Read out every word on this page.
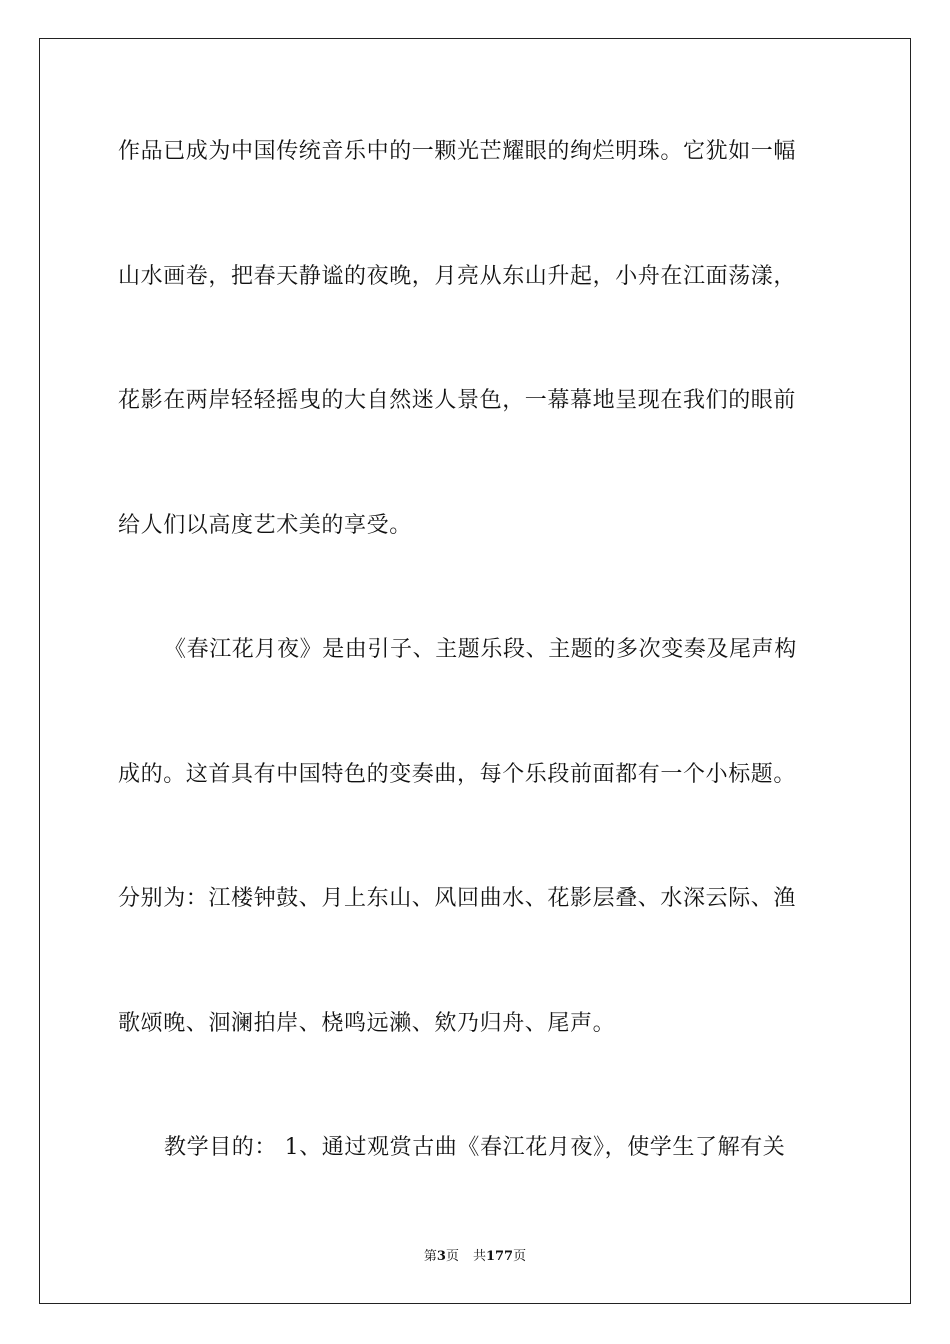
作品已成为中国传统音乐中的一颗光芒耀眼的绚烂明珠。它犹如一幅
山水画卷，把春天静谧的夜晚，月亮从东山升起，小舟在江面荡漾，
花影在两岸轻轻摇曳的大自然迷人景色，一幕幕地呈现在我们的眼前
给人们以高度艺术美的享受。
《春江花月夜》是由引子、主题乐段、主题的多次变奏及尾声构
成的。这首具有中国特色的变奏曲，每个乐段前面都有一个小标题。
分别为：江楼钟鼓、月上东山、风回曲水、花影层叠、水深云际、渔
歌颂晚、洄澜拍岸、桡鸣远濑、欸乃归舟、尾声。
教学目的： 1、通过观赏古曲《春江花月夜》，使学生了解有关
第3页 共177页
